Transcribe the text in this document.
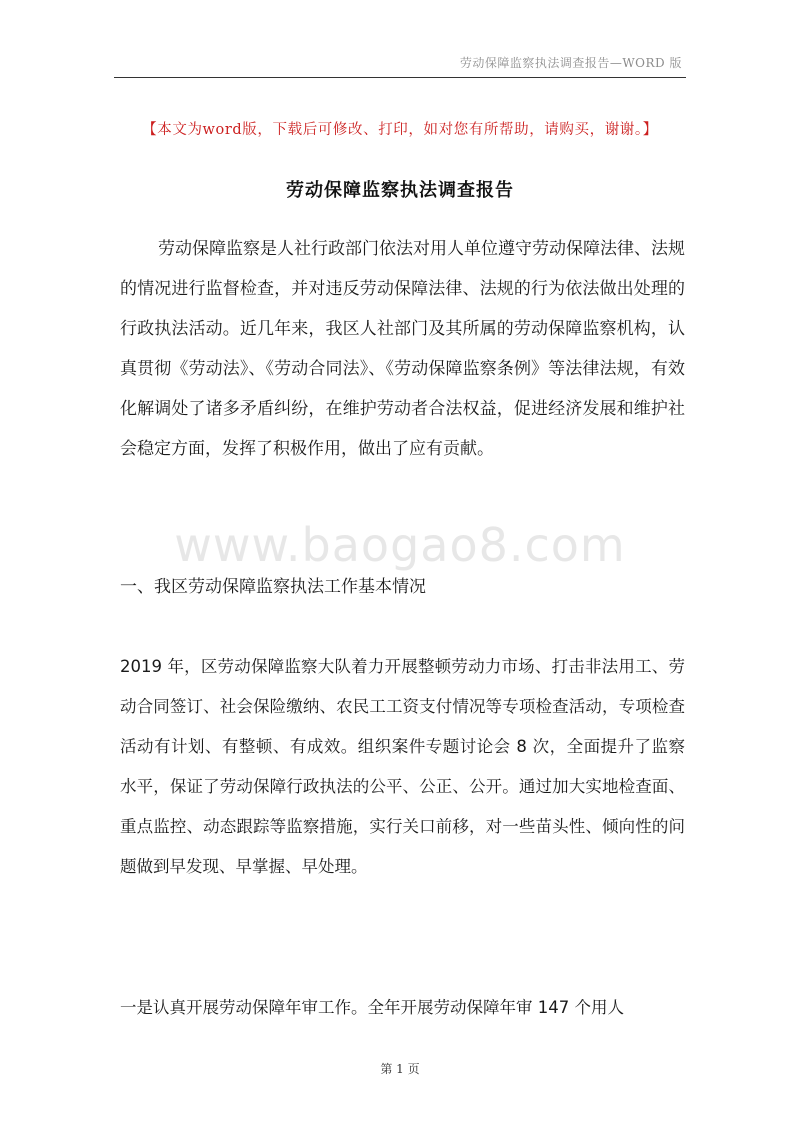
劳动保障监察执法调查报告—WORD 版
【本文为word版，下载后可修改、打印，如对您有所帮助，请购买，谢谢。】
劳动保障监察执法调查报告
劳动保障监察是人社行政部门依法对用人单位遵守劳动保障法律、法规的情况进行监督检查，并对违反劳动保障法律、法规的行为依法做出处理的行政执法活动。近几年来，我区人社部门及其所属的劳动保障监察机构，认真贯彻《劳动法》、《劳动合同法》、《劳动保障监察条例》等法律法规，有效化解调处了诸多矛盾纠纷，在维护劳动者合法权益，促进经济发展和维护社会稳定方面，发挥了积极作用，做出了应有贡献。
www.baogao8.com
一、我区劳动保障监察执法工作基本情况
2019 年，区劳动保障监察大队着力开展整顿劳动力市场、打击非法用工、劳动合同签订、社会保险缴纳、农民工工资支付情况等专项检查活动，专项检查活动有计划、有整顿、有成效。组织案件专题讨论会 8 次，全面提升了监察水平，保证了劳动保障行政执法的公平、公正、公开。通过加大实地检查面、重点监控、动态跟踪等监察措施，实行关口前移，对一些苗头性、倾向性的问题做到早发现、早掌握、早处理。
一是认真开展劳动保障年审工作。全年开展劳动保障年审 147 个用人
第 1 页
